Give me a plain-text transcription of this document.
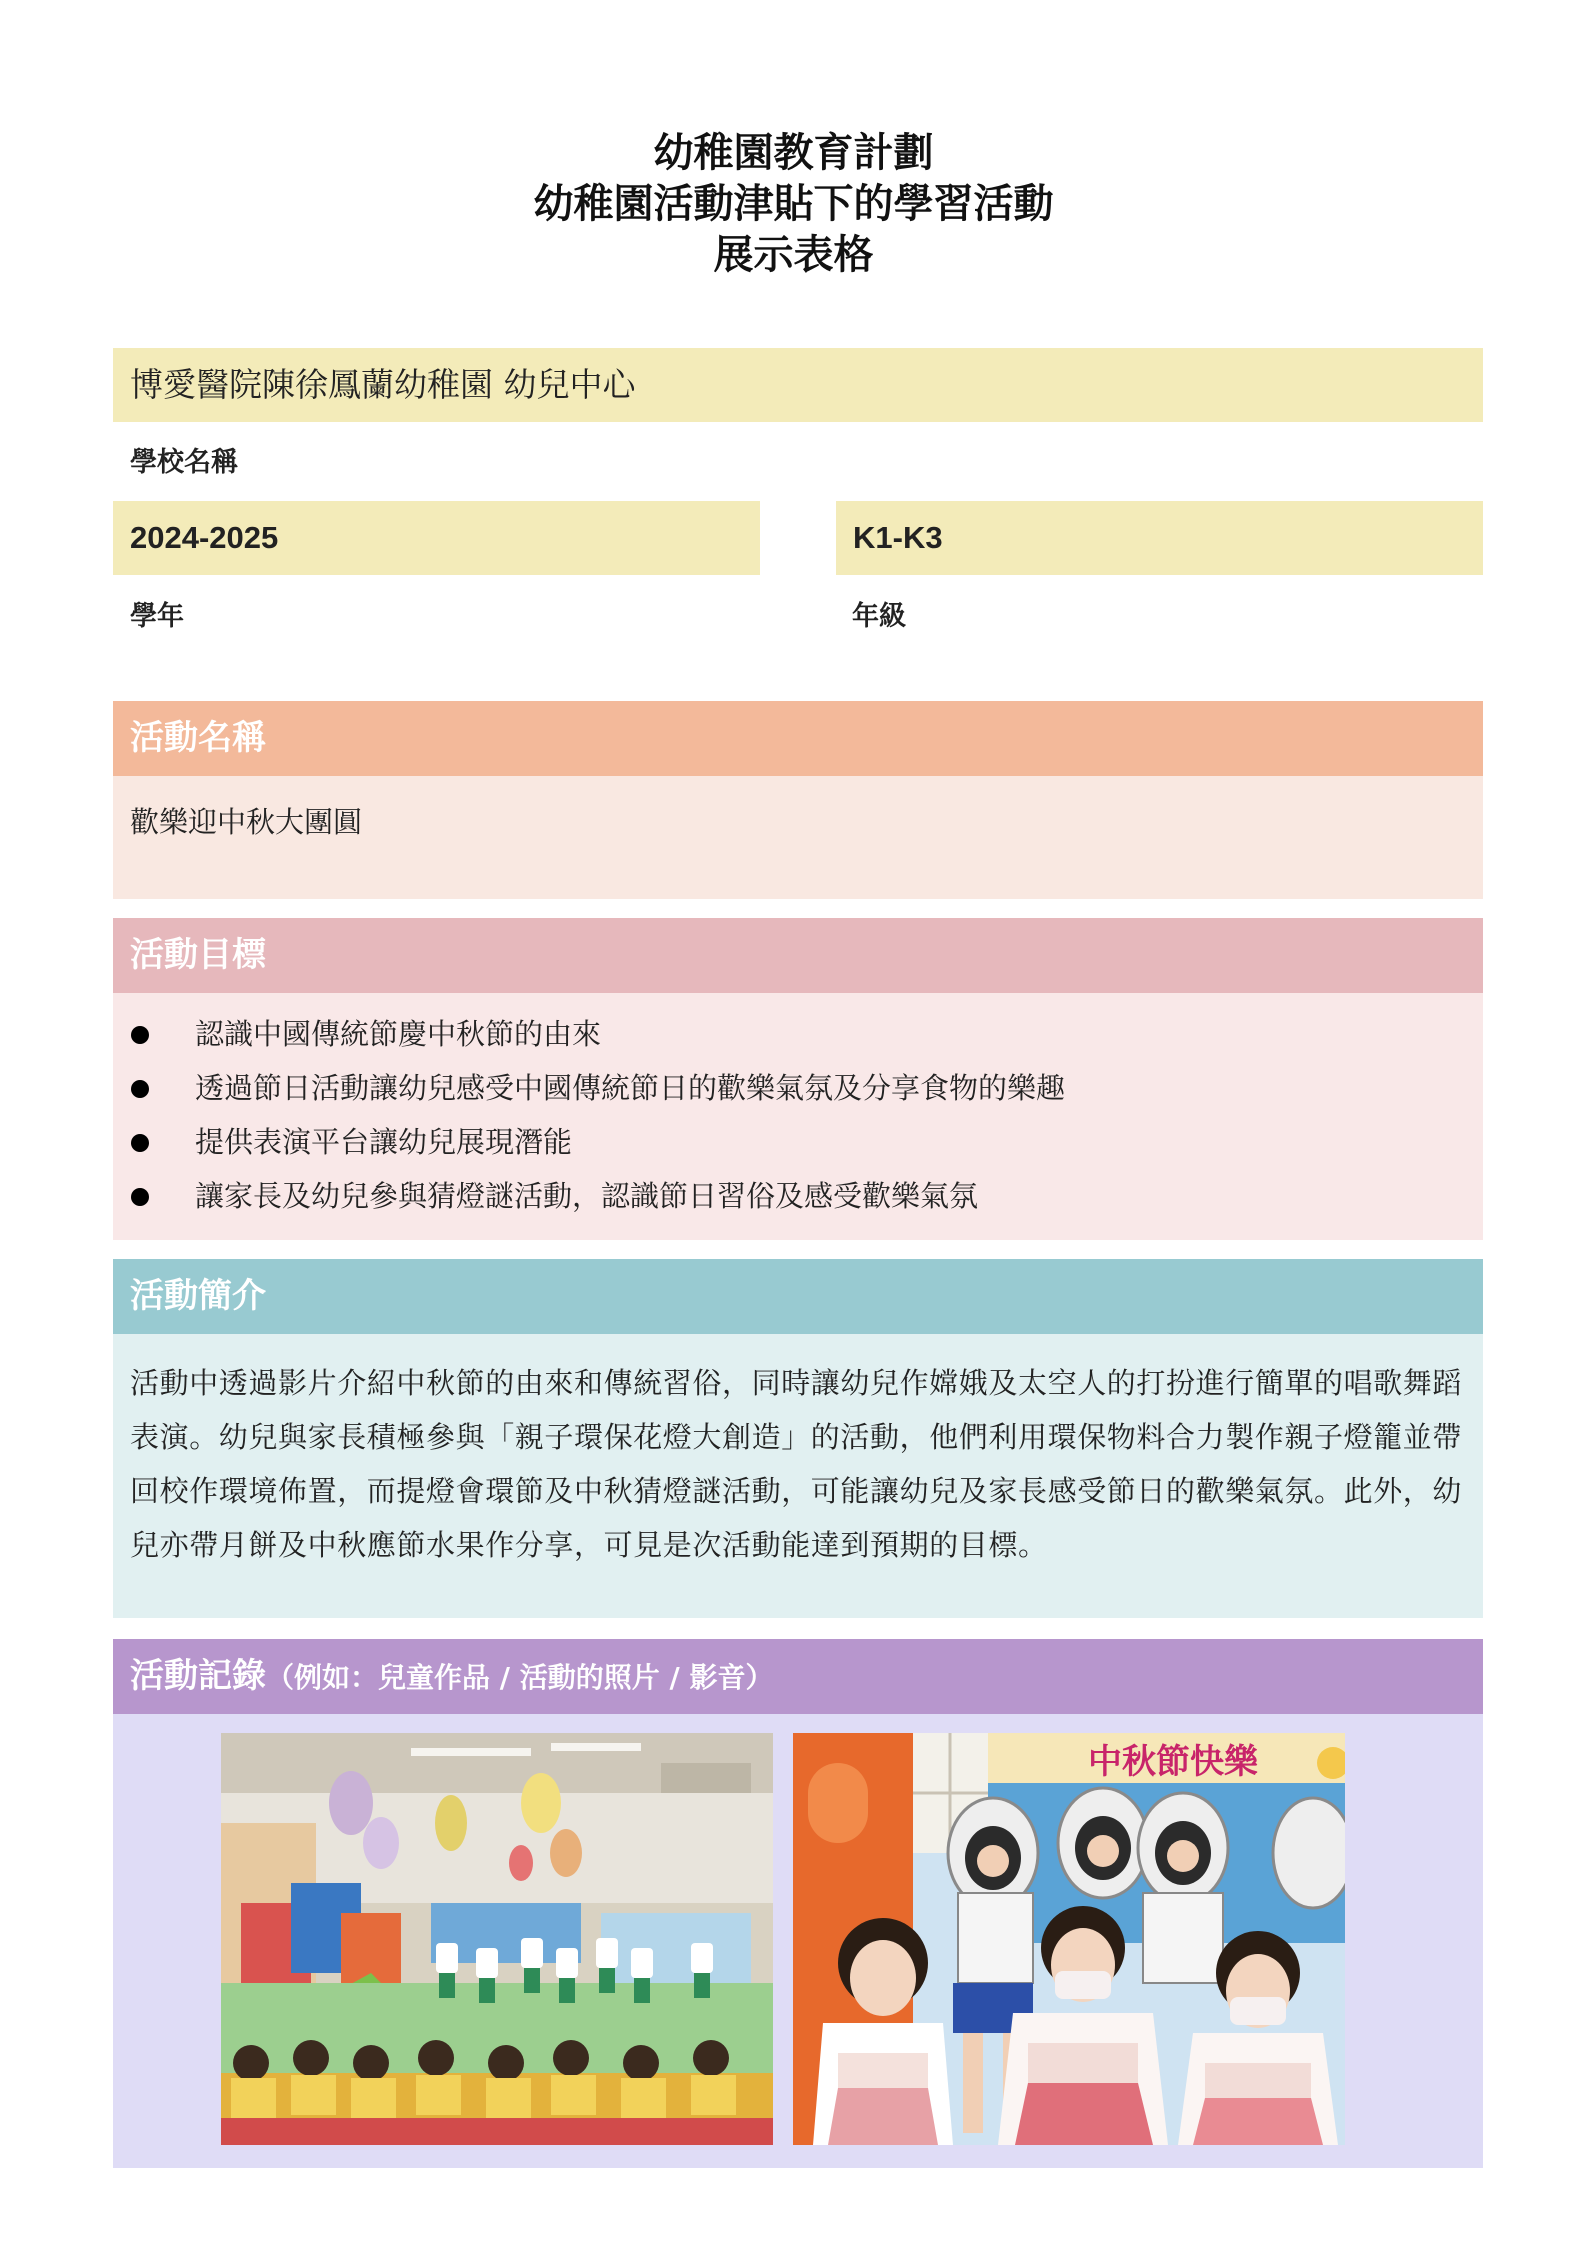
幼稚園教育計劃
幼稚園活動津貼下的學習活動
展示表格
博愛醫院陳徐鳳蘭幼稚園 幼兒中心
學校名稱
2024-2025
學年
K1-K3
年級
活動名稱
歡樂迎中秋大團圓
活動目標
認識中國傳統節慶中秋節的由來
透過節日活動讓幼兒感受中國傳統節日的歡樂氣氛及分享食物的樂趣
提供表演平台讓幼兒展現潛能
讓家長及幼兒參與猜燈謎活動，認識節日習俗及感受歡樂氣氛
活動簡介
活動中透過影片介紹中秋節的由來和傳統習俗，同時讓幼兒作嫦娥及太空人的打扮進行簡單的唱歌舞蹈表演。幼兒與家長積極參與「親子環保花燈大創造」的活動，他們利用環保物料合力製作親子燈籠並帶回校作環境佈置，而提燈會環節及中秋猜燈謎活動，可能讓幼兒及家長感受節日的歡樂氣氛。此外，幼兒亦帶月餅及中秋應節水果作分享，可見是次活動能達到預期的目標。
活動記錄（例如：兒童作品 / 活動的照片 / 影音）
中秋節快樂
